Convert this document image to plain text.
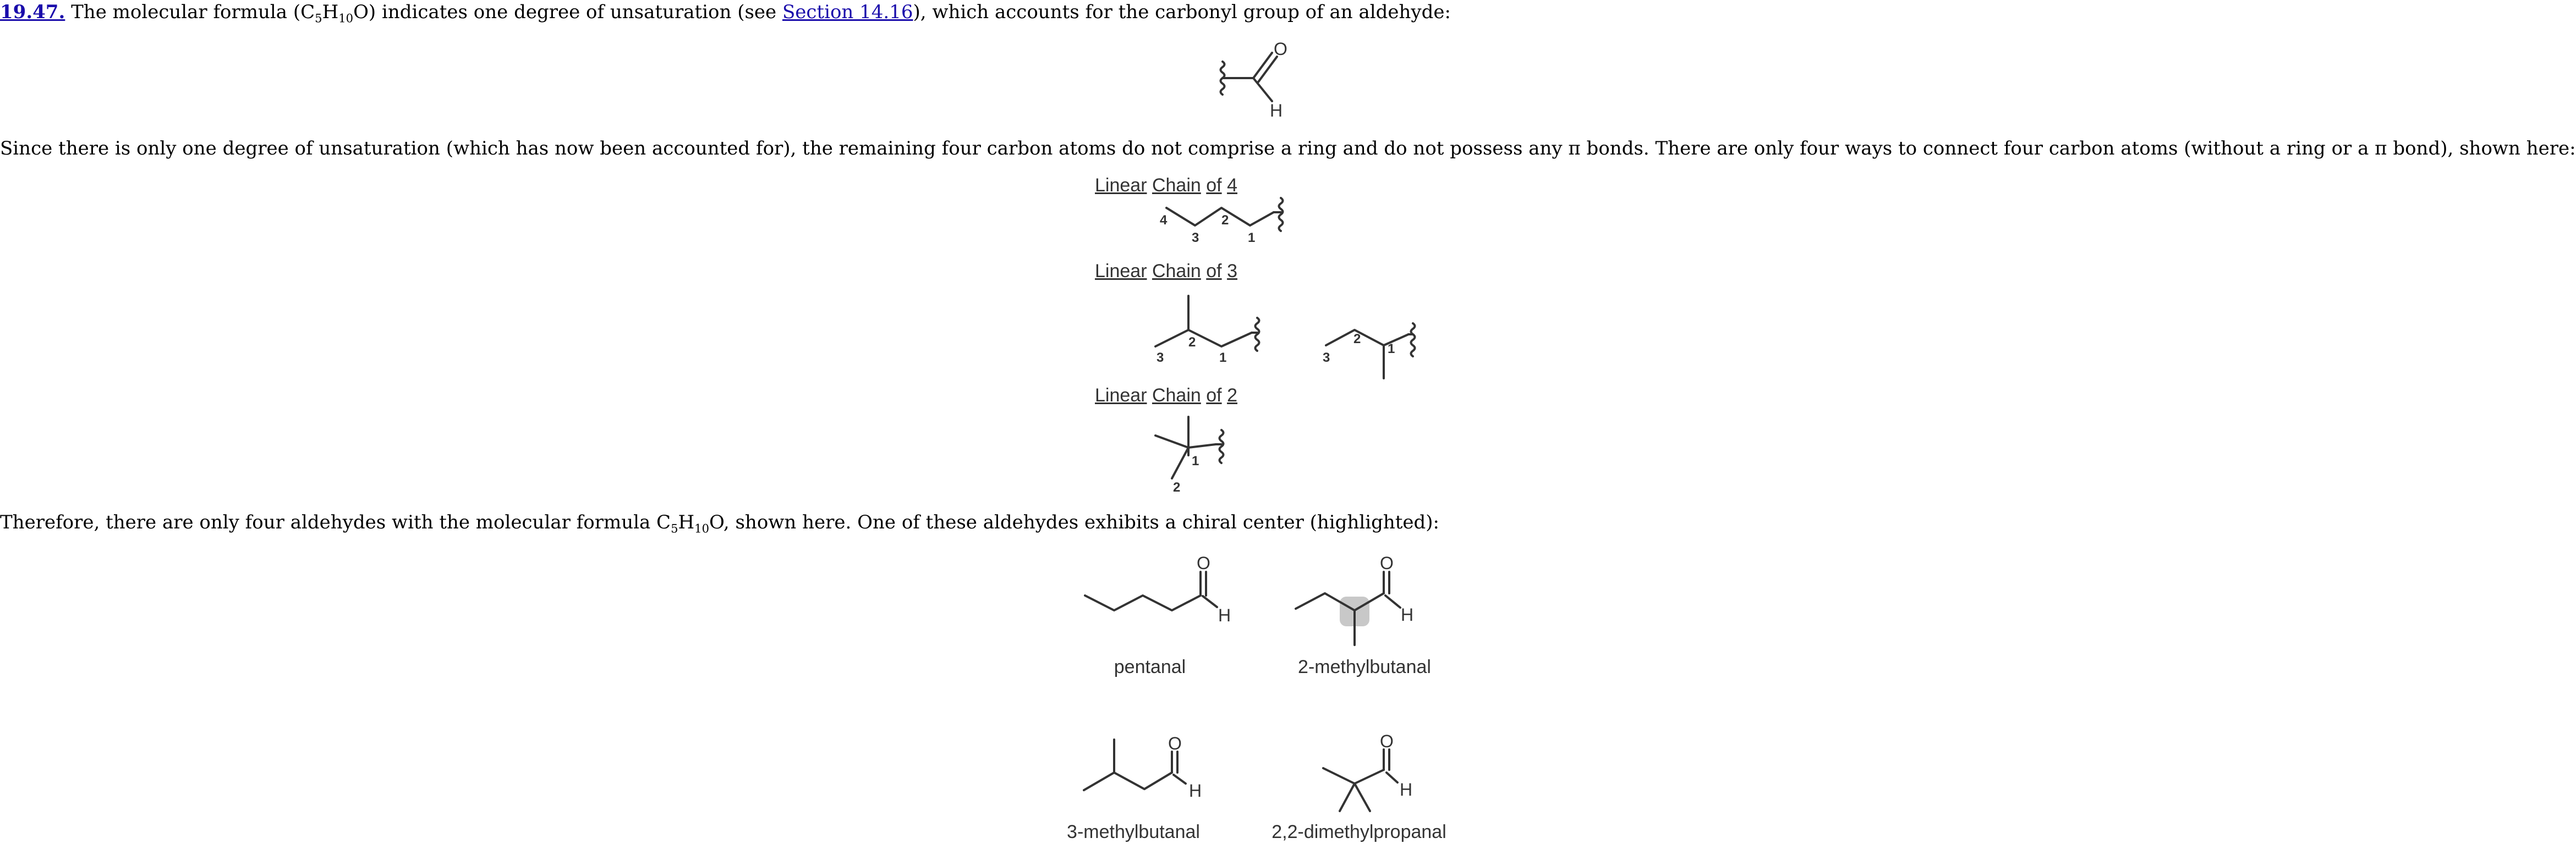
19.47. The molecular formula $(C_5H_{10}O)$ indicates one degree of unsaturation (see Section 14.16), which accounts for the carbonyl group of an aldehyde:

O
H

Since there is only one degree of unsaturation (which has now been accounted for), the remaining four carbon atoms do not comprise a ring and do not possess any π bonds. There are only four ways to connect four carbon atoms (without a ring or a π bond), shown here:

Linear Chain of 4
4
3
2
1
Linear Chain of 3
2
3	1	3
2
1
Linear Chain of 2
1
2

Therefore, there are only four aldehydes with the molecular formula $C_5H_{10}O$, shown here. One of these aldehydes exhibits a chiral center (highlighted):

O
H
pentanal
O
H
2-methylbutanal
O
H
3-methylbutanal
O
H
2,2-dimethylpropanal
